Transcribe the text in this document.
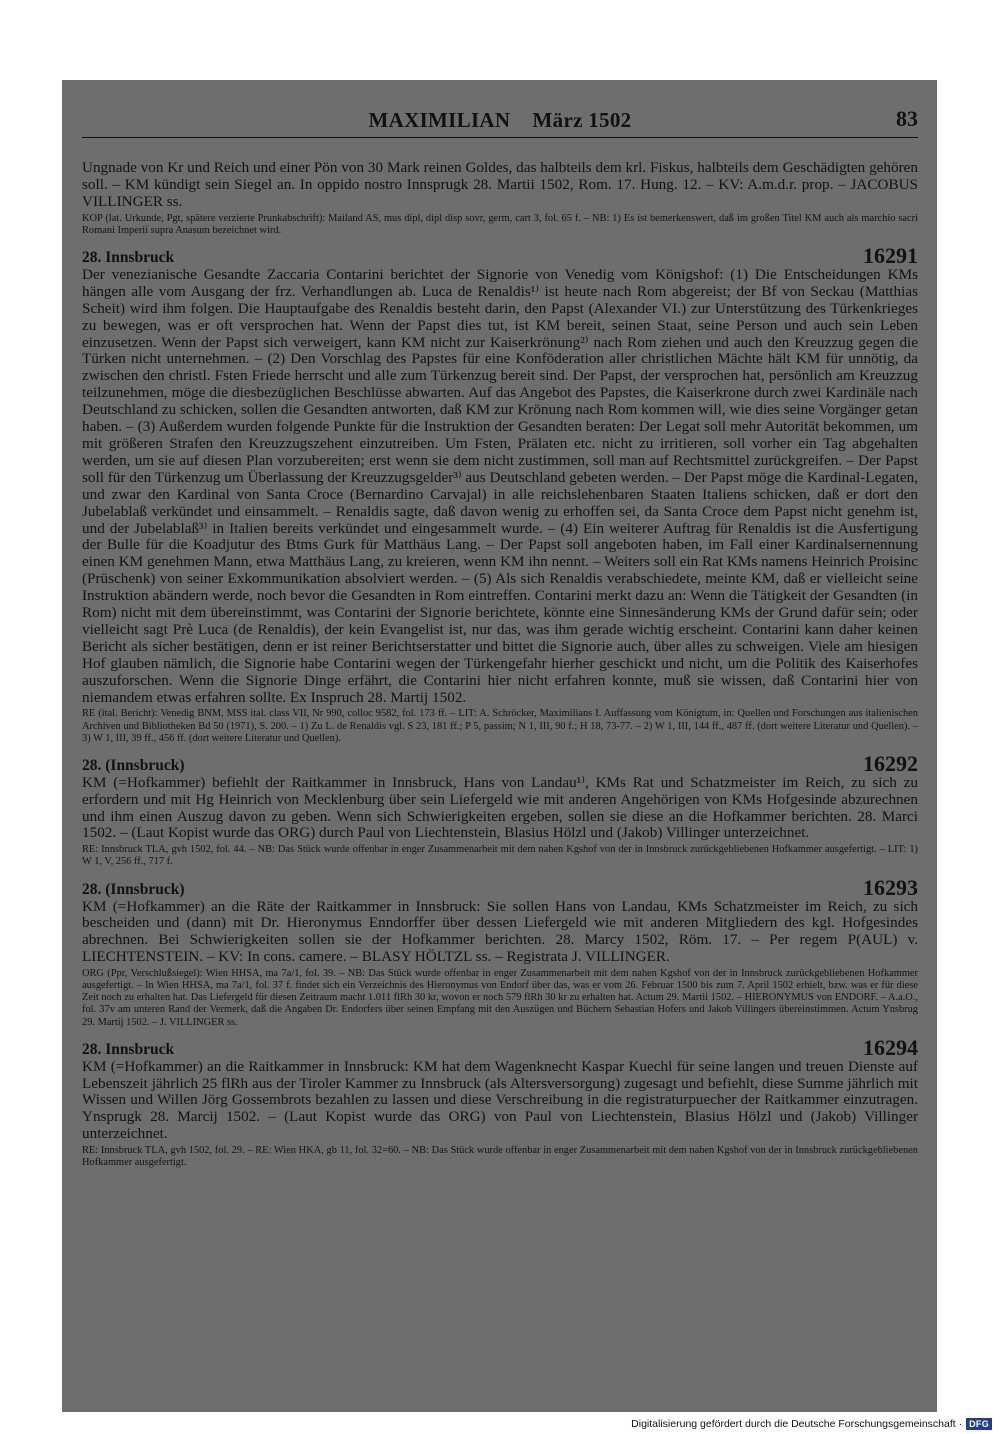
MAXIMILIAN    März 1502	83

Ungnade von Kr und Reich und einer Pön von 30 Mark reinen Goldes, das halbteils dem krl. Fiskus, halbteils dem Geschädigten gehören soll. – KM kündigt sein Siegel an. In oppido nostro Innsprugk 28. Martii 1502, Rom. 17. Hung. 12. – KV: A.m.d.r. prop. – JACOBUS VILLINGER ss.

KOP (lat. Urkunde, Pgt, spätere verzierte Prunkabschrift): Mailand AS, mus dipl, dipl disp sovr, germ, cart 3, fol. 65 f. – NB: 1) Es ist bemerkenswert, daß im großen Titel KM auch als marchio sacri Romani Imperii supra Anasum bezeichnet wird.

28. Innsbruck	16291

Der venezianische Gesandte Zaccaria Contarini berichtet der Signorie von Venedig vom Königshof: (1) Die Entscheidungen KMs hängen alle vom Ausgang der frz. Verhandlungen ab. Luca de Renaldis¹⁾ ist heute nach Rom abgereist; der Bf von Seckau (Matthias Scheit) wird ihm folgen. Die Hauptaufgabe des Renaldis besteht darin, den Papst (Alexander VI.) zur Unterstützung des Türkenkrieges zu bewegen, was er oft versprochen hat. Wenn der Papst dies tut, ist KM bereit, seinen Staat, seine Person und auch sein Leben einzusetzen. Wenn der Papst sich verweigert, kann KM nicht zur Kaiserkrönung²⁾ nach Rom ziehen und auch den Kreuzzug gegen die Türken nicht unternehmen. – (2) Den Vorschlag des Papstes für eine Konföderation aller christlichen Mächte hält KM für unnötig, da zwischen den christl. Fsten Friede herrscht und alle zum Türkenzug bereit sind. Der Papst, der versprochen hat, persönlich am Kreuzzug teilzunehmen, möge die diesbezüglichen Beschlüsse abwarten. Auf das Angebot des Papstes, die Kaiserkrone durch zwei Kardinäle nach Deutschland zu schicken, sollen die Gesandten antworten, daß KM zur Krönung nach Rom kommen will, wie dies seine Vorgänger getan haben. – (3) Außerdem wurden folgende Punkte für die Instruktion der Gesandten beraten: Der Legat soll mehr Autorität bekommen, um mit größeren Strafen den Kreuzzugszehent einzutreiben. Um Fsten, Prälaten etc. nicht zu irritieren, soll vorher ein Tag abgehalten werden, um sie auf diesen Plan vorzubereiten; erst wenn sie dem nicht zustimmen, soll man auf Rechtsmittel zurückgreifen. – Der Papst soll für den Türkenzug um Überlassung der Kreuzzugsgelder³⁾ aus Deutschland gebeten werden. – Der Papst möge die Kardinal-Legaten, und zwar den Kardinal von Santa Croce (Bernardino Carvajal) in alle reichslehenbaren Staaten Italiens schicken, daß er dort den Jubelablaß verkündet und einsammelt. – Renaldis sagte, daß davon wenig zu erhoffen sei, da Santa Croce dem Papst nicht genehm ist, und der Jubelablaß³⁾ in Italien bereits verkündet und eingesammelt wurde. – (4) Ein weiterer Auftrag für Renaldis ist die Ausfertigung der Bulle für die Koadjutur des Btms Gurk für Matthäus Lang. – Der Papst soll angeboten haben, im Fall einer Kardinalsernennung einen KM genehmen Mann, etwa Matthäus Lang, zu kreieren, wenn KM ihn nennt. – Weiters soll ein Rat KMs namens Heinrich Proisinc (Prüschenk) von seiner Exkommunikation absolviert werden. – (5) Als sich Renaldis verabschiedete, meinte KM, daß er vielleicht seine Instruktion abändern werde, noch bevor die Gesandten in Rom eintreffen. Contarini merkt dazu an: Wenn die Tätigkeit der Gesandten (in Rom) nicht mit dem übereinstimmt, was Contarini der Signorie berichtete, könnte eine Sinnesänderung KMs der Grund dafür sein; oder vielleicht sagt Prè Luca (de Renaldis), der kein Evangelist ist, nur das, was ihm gerade wichtig erscheint. Contarini kann daher keinen Bericht als sicher bestätigen, denn er ist reiner Berichtserstatter und bittet die Signorie auch, über alles zu schweigen. Viele am hiesigen Hof glauben nämlich, die Signorie habe Contarini wegen der Türkengefahr hierher geschickt und nicht, um die Politik des Kaiserhofes auszuforschen. Wenn die Signorie Dinge erfährt, die Contarini hier nicht erfahren konnte, muß sie wissen, daß Contarini hier von niemandem etwas erfahren sollte. Ex Inspruch 28. Martij 1502.

RE (ital. Bericht): Venedig BNM, MSS ital. class VII, Nr 990, colloc 9582, fol. 173 ff. – LIT: A. Schröcker, Maximilians I. Auffassung vom Königtum, in: Quellen und Forschungen aus italienischen Archiven und Bibliotheken Bd 50 (1971), S. 200. – 1) Zu L. de Renaldis vgl. S 23, 181 ff.; P 5, passim; N 1, III, 90 f.; H 18, 73-77. – 2) W 1, III, 144 ff., 487 ff. (dort weitere Literatur und Quellen). – 3) W 1, III, 39 ff., 456 ff. (dort weitere Literatur und Quellen).

28. (Innsbruck)	16292

KM (=Hofkammer) befiehlt der Raitkammer in Innsbruck, Hans von Landau¹⁾, KMs Rat und Schatzmeister im Reich, zu sich zu erfordern und mit Hg Heinrich von Mecklenburg über sein Liefergeld wie mit anderen Angehörigen von KMs Hofgesinde abzurechnen und ihm einen Auszug davon zu geben. Wenn sich Schwierigkeiten ergeben, sollen sie diese an die Hofkammer berichten. 28. Marci 1502. – (Laut Kopist wurde das ORG) durch Paul von Liechtenstein, Blasius Hölzl und (Jakob) Villinger unterzeichnet.

RE: Innsbruck TLA, gvh 1502, fol. 44. – NB: Das Stück wurde offenbar in enger Zusammenarbeit mit dem nahen Kgshof von der in Innsbruck zurückgebliebenen Hofkammer ausgefertigt. – LIT: 1) W 1, V, 256 ff., 717 f.

28. (Innsbruck)	16293

KM (=Hofkammer) an die Räte der Raitkammer in Innsbruck: Sie sollen Hans von Landau, KMs Schatzmeister im Reich, zu sich bescheiden und (dann) mit Dr. Hieronymus Enndorffer über dessen Liefergeld wie mit anderen Mitgliedern des kgl. Hofgesindes abrechnen. Bei Schwierigkeiten sollen sie der Hofkammer berichten. 28. Marcy 1502, Röm. 17. – Per regem P(AUL) v. LIECHTENSTEIN. – KV: In cons. camere. – BLASY HÖLTZL ss. – Registrata J. VILLINGER.

ORG (Ppr, Verschlußsiegel): Wien HHSA, ma 7a/1, fol. 39. – NB: Das Stück wurde offenbar in enger Zusammenarbeit mit dem nahen Kgshof von der in Innsbruck zurückgebliebenen Hofkammer ausgefertigt. – In Wien HHSA, ma 7a/1, fol. 37 f. findet sich ein Verzeichnis des Hieronymus von Endorf über das, was er vom 26. Februar 1500 bis zum 7. April 1502 erhielt, bzw. was er für diese Zeit noch zu erhalten hat. Das Liefergeld für diesen Zeitraum macht 1.011 flRh 30 kr, wovon er noch 579 flRh 30 kr zu erhalten hat. Actum 29. Martii 1502. – HIERONYMUS von ENDORF. – A.a.O., fol. 37v am unteren Rand der Vermerk, daß die Angaben Dr. Endorfers über seinen Empfang mit den Auszügen und Büchern Sebastian Hofers und Jakob Villingers übereinstimmen. Actum Ynsbrug 29. Martij 1502. – J. VILLINGER ss.

28. Innsbruck	16294

KM (=Hofkammer) an die Raitkammer in Innsbruck: KM hat dem Wagenknecht Kaspar Kuechl für seine langen und treuen Dienste auf Lebenszeit jährlich 25 flRh aus der Tiroler Kammer zu Innsbruck (als Altersversorgung) zugesagt und befiehlt, diese Summe jährlich mit Wissen und Willen Jörg Gossembrots bezahlen zu lassen und diese Verschreibung in die registraturpuecher der Raitkammer einzutragen. Ynsprugk 28. Marcij 1502. – (Laut Kopist wurde das ORG) von Paul von Liechtenstein, Blasius Hölzl und (Jakob) Villinger unterzeichnet.

RE: Innsbruck TLA, gvh 1502, fol. 29. – RE: Wien HKA, gb 11, fol. 32=60. – NB: Das Stück wurde offenbar in enger Zusammenarbeit mit dem nahen Kgshof von der in Innsbruck zurückgebliebenen Hofkammer ausgefertigt.

Digitalisierung gefördert durch die Deutsche Forschungsgemeinschaft · DFG
